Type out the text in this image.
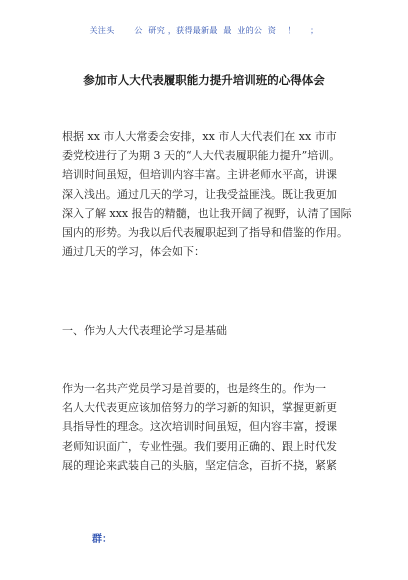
关注头       公  研究 ，获得最新最  最  业的公  资    ！     ；
参加市人大代表履职能力提升培训班的心得体会

根据 xx 市人大常委会安排，xx 市人大代表们在 xx 市市
委党校进行了为期 3 天的“人大代表履职能力提升”培训。
培训时间虽短，但培训内容丰富。主讲老师水平高，讲课
深入浅出。通过几天的学习，让我受益匪浅。既让我更加
深入了解 xxx 报告的精髓，也让我开阔了视野，认清了国际
国内的形势。为我以后代表履职起到了指导和借鉴的作用。
通过几天的学习，体会如下：

一、作为人大代表理论学习是基础

作为一名共产党员学习是首要的，也是终生的。作为一
名人大代表更应该加倍努力的学习新的知识，掌握更新更
具指导性的理念。这次培训时间虽短，但内容丰富，授课
老师知识面广，专业性强。我们要用正确的、跟上时代发
展的理论来武装自己的头脑，坚定信念，百折不挠，紧紧

群：
